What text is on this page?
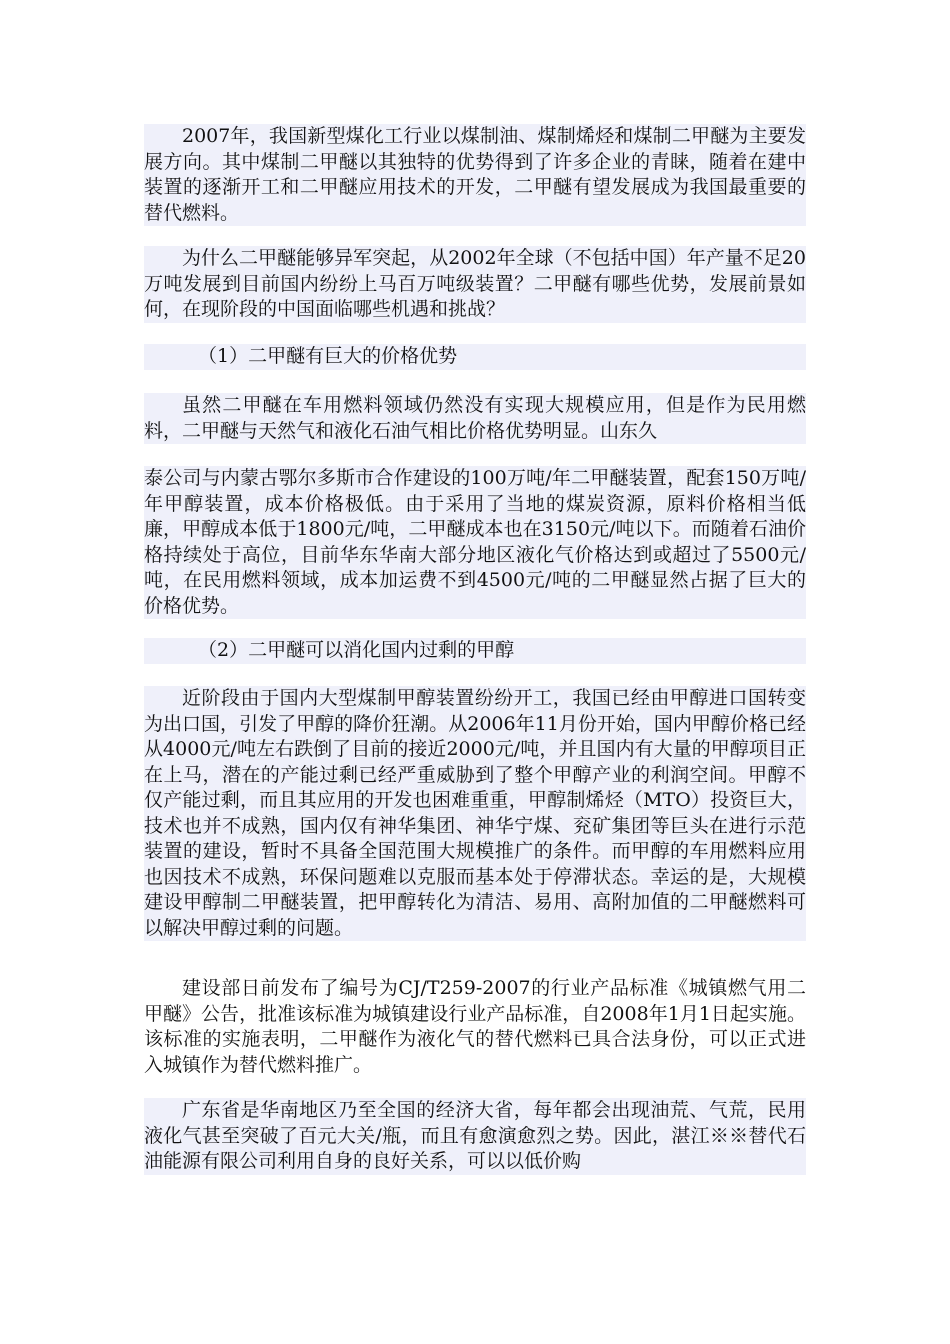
2007年，我国新型煤化工行业以煤制油、煤制烯烃和煤制二甲醚为主要发展方向。其中煤制二甲醚以其独特的优势得到了许多企业的青睐，随着在建中装置的逐渐开工和二甲醚应用技术的开发，二甲醚有望发展成为我国最重要的替代燃料。

为什么二甲醚能够异军突起，从2002年全球（不包括中国）年产量不足20万吨发展到目前国内纷纷上马百万吨级装置？二甲醚有哪些优势，发展前景如何，在现阶段的中国面临哪些机遇和挑战？

（1）二甲醚有巨大的价格优势

虽然二甲醚在车用燃料领域仍然没有实现大规模应用，但是作为民用燃料，二甲醚与天然气和液化石油气相比价格优势明显。山东久

泰公司与内蒙古鄂尔多斯市合作建设的100万吨/年二甲醚装置，配套150万吨/年甲醇装置，成本价格极低。由于采用了当地的煤炭资源，原料价格相当低廉，甲醇成本低于1800元/吨，二甲醚成本也在3150元/吨以下。而随着石油价格持续处于高位，目前华东华南大部分地区液化气价格达到或超过了5500元/吨，在民用燃料领域，成本加运费不到4500元/吨的二甲醚显然占据了巨大的价格优势。

（2）二甲醚可以消化国内过剩的甲醇

近阶段由于国内大型煤制甲醇装置纷纷开工，我国已经由甲醇进口国转变为出口国，引发了甲醇的降价狂潮。从2006年11月份开始，国内甲醇价格已经从4000元/吨左右跌倒了目前的接近2000元/吨，并且国内有大量的甲醇项目正在上马，潜在的产能过剩已经严重威胁到了整个甲醇产业的利润空间。甲醇不仅产能过剩，而且其应用的开发也困难重重，甲醇制烯烃（MTO）投资巨大，技术也并不成熟，国内仅有神华集团、神华宁煤、兖矿集团等巨头在进行示范装置的建设，暂时不具备全国范围大规模推广的条件。而甲醇的车用燃料应用也因技术不成熟，环保问题难以克服而基本处于停滞状态。幸运的是，大规模建设甲醇制二甲醚装置，把甲醇转化为清洁、易用、高附加值的二甲醚燃料可以解决甲醇过剩的问题。

建设部日前发布了编号为CJ/T259-2007的行业产品标准《城镇燃气用二甲醚》公告，批准该标准为城镇建设行业产品标准，自2008年1月1日起实施。该标准的实施表明，二甲醚作为液化气的替代燃料已具合法身份，可以正式进入城镇作为替代燃料推广。

广东省是华南地区乃至全国的经济大省，每年都会出现油荒、气荒，民用液化气甚至突破了百元大关/瓶，而且有愈演愈烈之势。因此，湛江※※替代石油能源有限公司利用自身的良好关系，可以以低价购
